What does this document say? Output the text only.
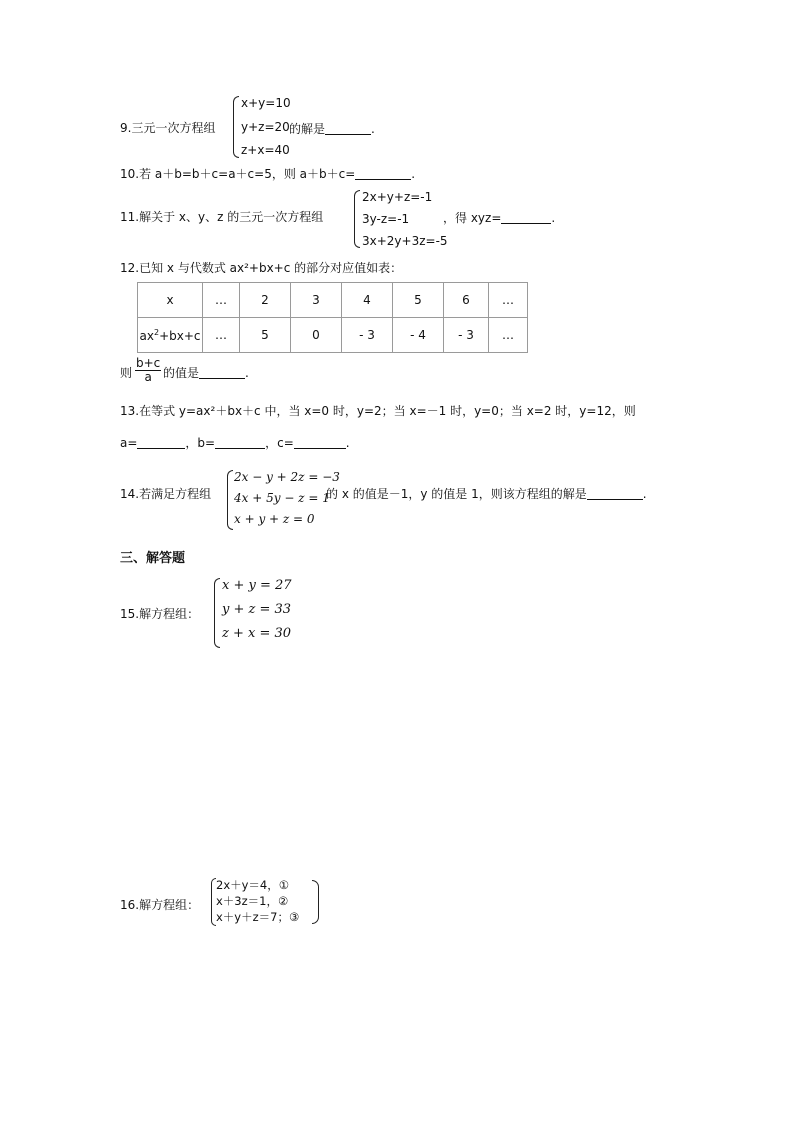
9.三元一次方程组
x+y=10
y+z=20
z+x=40
的解是	.
10.若 a＋b=b＋c=a＋c=5，则 a＋b＋c=	.
11.解关于 x、y、z 的三元一次方程组
2x+y+z=-1
3y-z=-1
3x+2y+3z=-5
，得 xyz=	.
12.已知 x 与代数式 ax²+bx+c 的部分对应值如表：
x	…	2	3	4	5	6	…
$ax^2+bx+c$	…	5	0	- 3	- 4	- 3	…
则 $\frac{b+c}{a}$ 的值是	.
13.在等式 y=ax²＋bx＋c 中，当 x=0 时，y=2；当 x=－1 时，y=0；当 x=2 时，y=12，则
a=	，b=	，c=	.
14.若满足方程组
2x − y + 2z = −3
4x + 5y − z = 1
x + y + z = 0
的 x 的值是－1，y 的值是 1，则该方程组的解是	.
三、解答题
15.解方程组：
x + y = 27
y + z = 33
z + x = 30
16.解方程组：
2x＋y＝4，①
x＋3z＝1，②
x＋y＋z＝7；③
